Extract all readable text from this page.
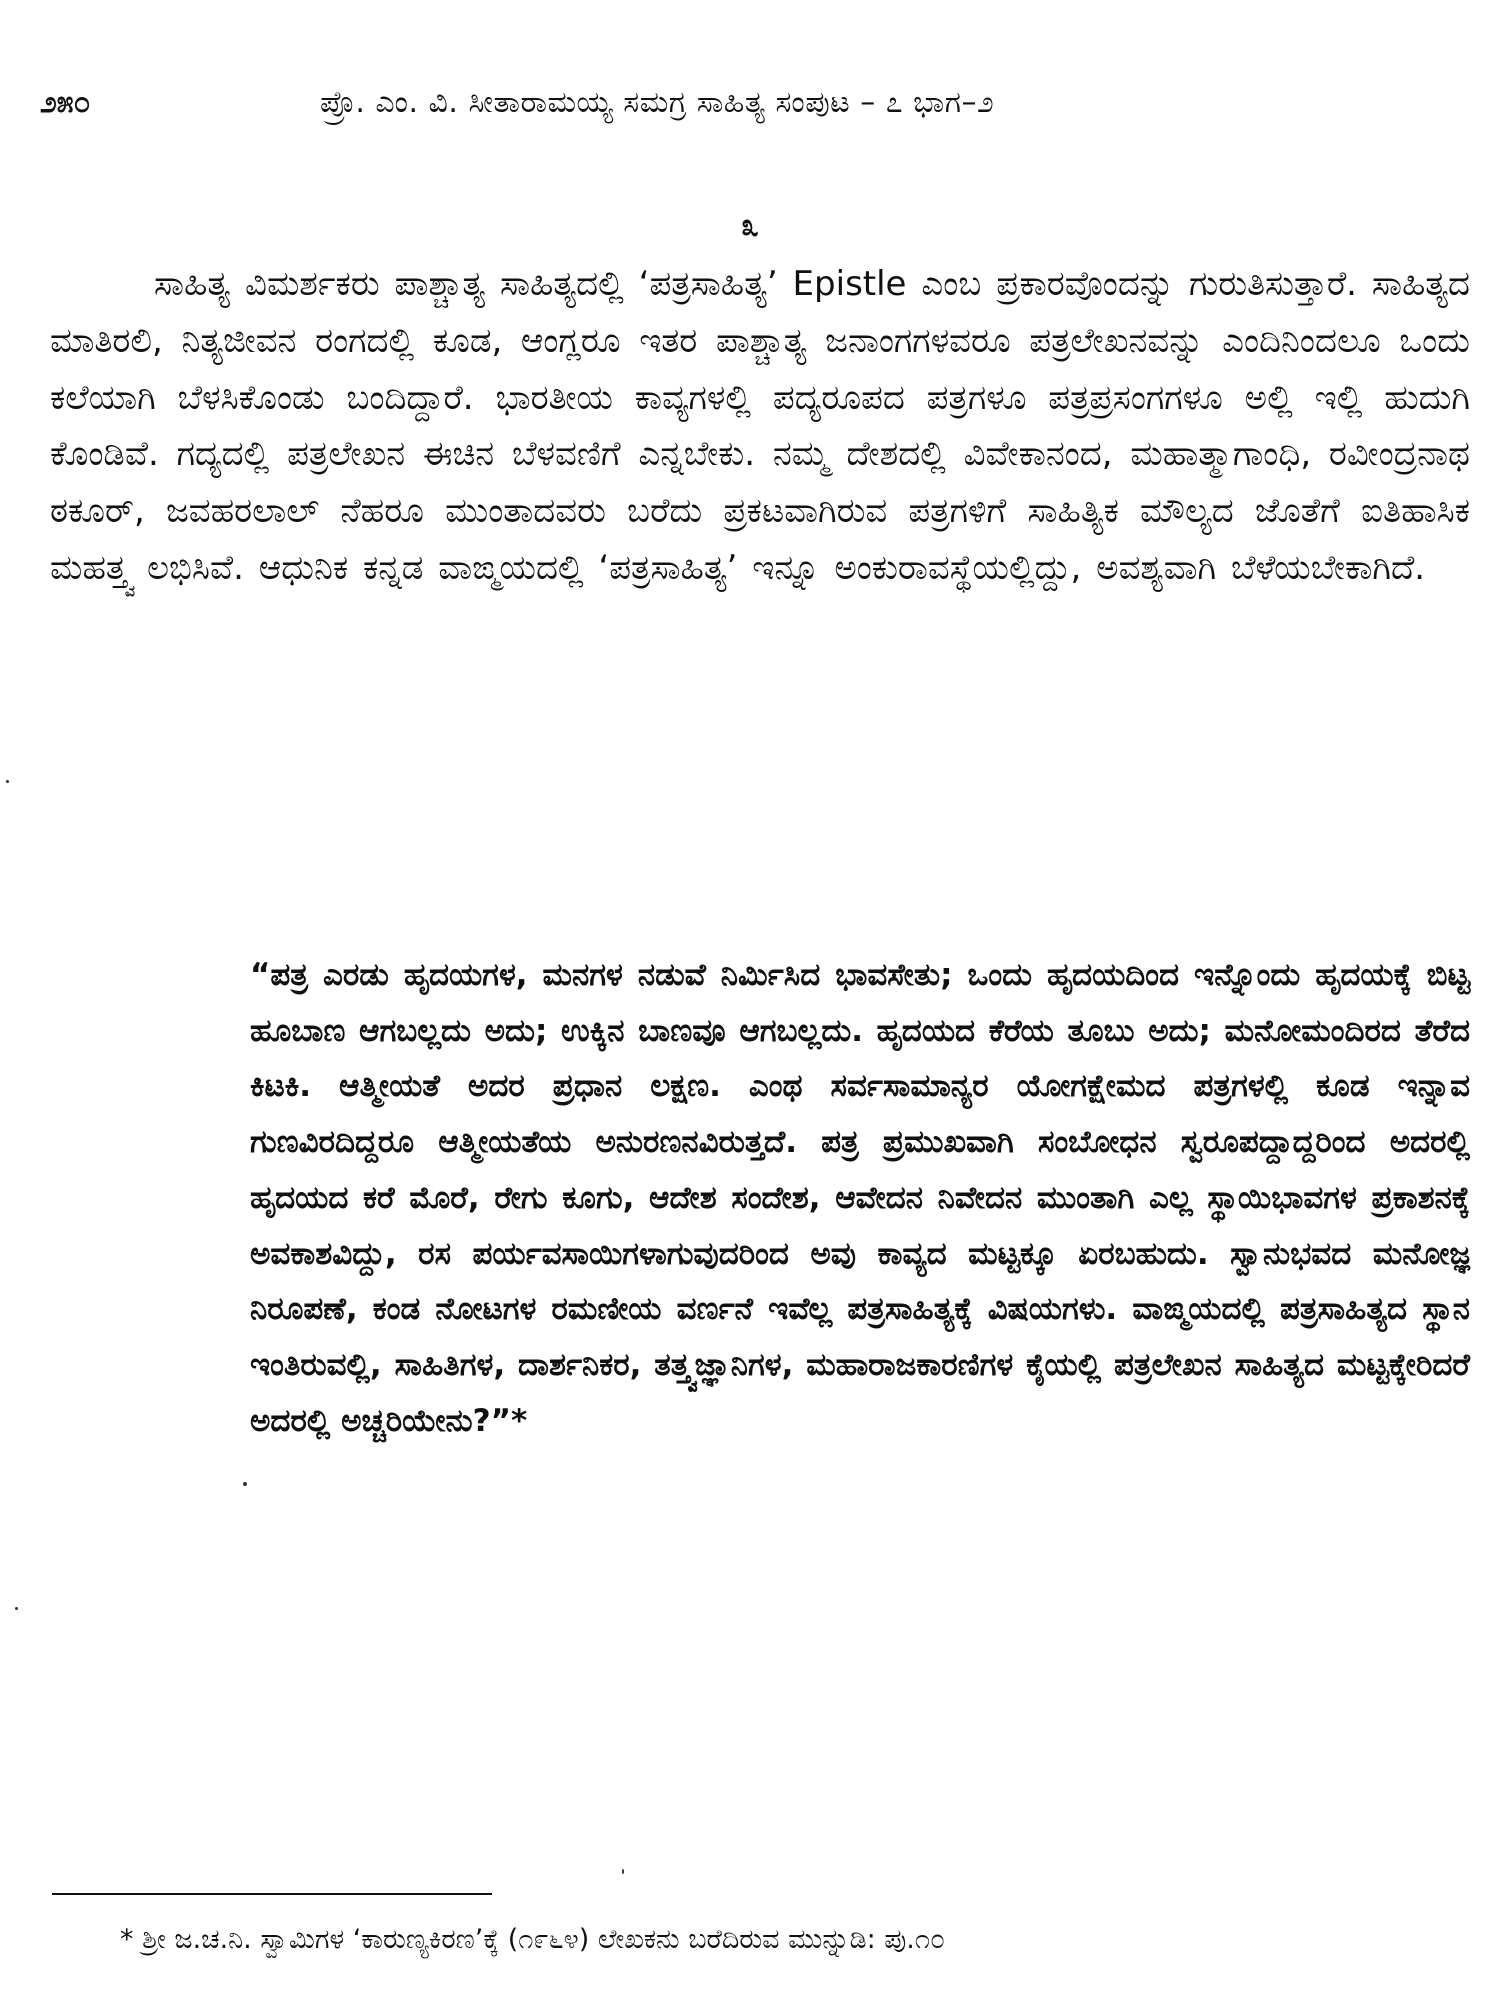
೨೫೦	ಪ್ರೊ. ಎಂ. ವಿ. ಸೀತಾರಾಮಯ್ಯ ಸಮಗ್ರ ಸಾಹಿತ್ಯ ಸಂಪುಟ – ೭ ಭಾಗ–೨
೩

ಸಾಹಿತ್ಯ ವಿಮರ್ಶಕರು ಪಾಶ್ಚಾತ್ಯ ಸಾಹಿತ್ಯದಲ್ಲಿ ‘ಪತ್ರಸಾಹಿತ್ಯ’ Epistle ಎಂಬ ಪ್ರಕಾರವೊಂದನ್ನು ಗುರುತಿಸುತ್ತಾರೆ. ಸಾಹಿತ್ಯದ ಮಾತಿರಲಿ, ನಿತ್ಯಜೀವನ ರಂಗದಲ್ಲಿ ಕೂಡ, ಆಂಗ್ಲರೂ ಇತರ ಪಾಶ್ಚಾತ್ಯ ಜನಾಂಗಗಳವರೂ ಪತ್ರಲೇಖನವನ್ನು ಎಂದಿನಿಂದಲೂ ಒಂದು ಕಲೆಯಾಗಿ ಬೆಳಸಿಕೊಂಡು ಬಂದಿದ್ದಾರೆ. ಭಾರತೀಯ ಕಾವ್ಯಗಳಲ್ಲಿ ಪದ್ಯರೂಪದ ಪತ್ರಗಳೂ ಪತ್ರಪ್ರಸಂಗಗಳೂ ಅಲ್ಲಿ ಇಲ್ಲಿ ಹುದುಗಿ ಕೊಂಡಿವೆ. ಗದ್ಯದಲ್ಲಿ ಪತ್ರಲೇಖನ ಈಚಿನ ಬೆಳವಣಿಗೆ ಎನ್ನಬೇಕು. ನಮ್ಮ ದೇಶದಲ್ಲಿ ವಿವೇಕಾನಂದ, ಮಹಾತ್ಮಾಗಾಂಧಿ, ರವೀಂದ್ರನಾಥ ಠಕೂರ್, ಜವಹರಲಾಲ್ ನೆಹರೂ ಮುಂತಾದವರು ಬರೆದು ಪ್ರಕಟವಾಗಿರುವ ಪತ್ರಗಳಿಗೆ ಸಾಹಿತ್ಯಿಕ ಮೌಲ್ಯದ ಜೊತೆಗೆ ಐತಿಹಾಸಿಕ ಮಹತ್ತ್ವ ಲಭಿಸಿವೆ. ಆಧುನಿಕ ಕನ್ನಡ ವಾಙ್ಮಯದಲ್ಲಿ ‘ಪತ್ರಸಾಹಿತ್ಯ’ ಇನ್ನೂ ಅಂಕುರಾವಸ್ಥೆಯಲ್ಲಿದ್ದು, ಅವಶ್ಯವಾಗಿ ಬೆಳೆಯಬೇಕಾಗಿದೆ.

“ಪತ್ರ ಎರಡು ಹೃದಯಗಳ, ಮನಗಳ ನಡುವೆ ನಿರ್ಮಿಸಿದ ಭಾವಸೇತು; ಒಂದು ಹೃದಯದಿಂದ ಇನ್ನೊಂದು ಹೃದಯಕ್ಕೆ ಬಿಟ್ಟ ಹೂಬಾಣ ಆಗಬಲ್ಲದು ಅದು; ಉಕ್ಕಿನ ಬಾಣವೂ ಆಗಬಲ್ಲದು. ಹೃದಯದ ಕೆರೆಯ ತೂಬು ಅದು; ಮನೋಮಂದಿರದ ತೆರೆದ ಕಿಟಕಿ. ಆತ್ಮೀಯತೆ ಅದರ ಪ್ರಧಾನ ಲಕ್ಷಣ. ಎಂಥ ಸರ್ವಸಾಮಾನ್ಯರ ಯೋಗಕ್ಷೇಮದ ಪತ್ರಗಳಲ್ಲಿ ಕೂಡ ಇನ್ನಾವ ಗುಣವಿರದಿದ್ದರೂ ಆತ್ಮೀಯತೆಯ ಅನುರಣನವಿರುತ್ತದೆ. ಪತ್ರ ಪ್ರಮುಖವಾಗಿ ಸಂಬೋಧನ ಸ್ವರೂಪದ್ದಾದ್ದರಿಂದ ಅದರಲ್ಲಿ ಹೃದಯದ ಕರೆ ಮೊರೆ, ರೇಗು ಕೂಗು, ಆದೇಶ ಸಂದೇಶ, ಆವೇದನ ನಿವೇದನ ಮುಂತಾಗಿ ಎಲ್ಲ ಸ್ಥಾಯಿಭಾವಗಳ ಪ್ರಕಾಶನಕ್ಕೆ ಅವಕಾಶವಿದ್ದು, ರಸ ಪರ್ಯವಸಾಯಿಗಳಾಗುವುದರಿಂದ ಅವು ಕಾವ್ಯದ ಮಟ್ಟಕ್ಕೂ ಏರಬಹುದು. ಸ್ವಾನುಭವದ ಮನೋಜ್ಞ ನಿರೂಪಣೆ, ಕಂಡ ನೋಟಗಳ ರಮಣೀಯ ವರ್ಣನೆ ಇವೆಲ್ಲ ಪತ್ರಸಾಹಿತ್ಯಕ್ಕೆ ವಿಷಯಗಳು. ವಾಙ್ಮಯದಲ್ಲಿ ಪತ್ರಸಾಹಿತ್ಯದ ಸ್ಥಾನ ಇಂತಿರುವಲ್ಲಿ, ಸಾಹಿತಿಗಳ, ದಾರ್ಶನಿಕರ, ತತ್ತ್ವಜ್ಞಾನಿಗಳ, ಮಹಾರಾಜಕಾರಣಿಗಳ ಕೈಯಲ್ಲಿ ಪತ್ರಲೇಖನ ಸಾಹಿತ್ಯದ ಮಟ್ಟಕ್ಕೇರಿದರೆ ಅದರಲ್ಲಿ ಅಚ್ಚರಿಯೇನು?”*

* ಶ್ರೀ ಜ.ಚ.ನಿ. ಸ್ವಾಮಿಗಳ ‘ಕಾರುಣ್ಯಕಿರಣ’ಕ್ಕೆ (೧೯೬೪) ಲೇಖಕನು ಬರೆದಿರುವ ಮುನ್ನುಡಿ: ಪು.೧೦
